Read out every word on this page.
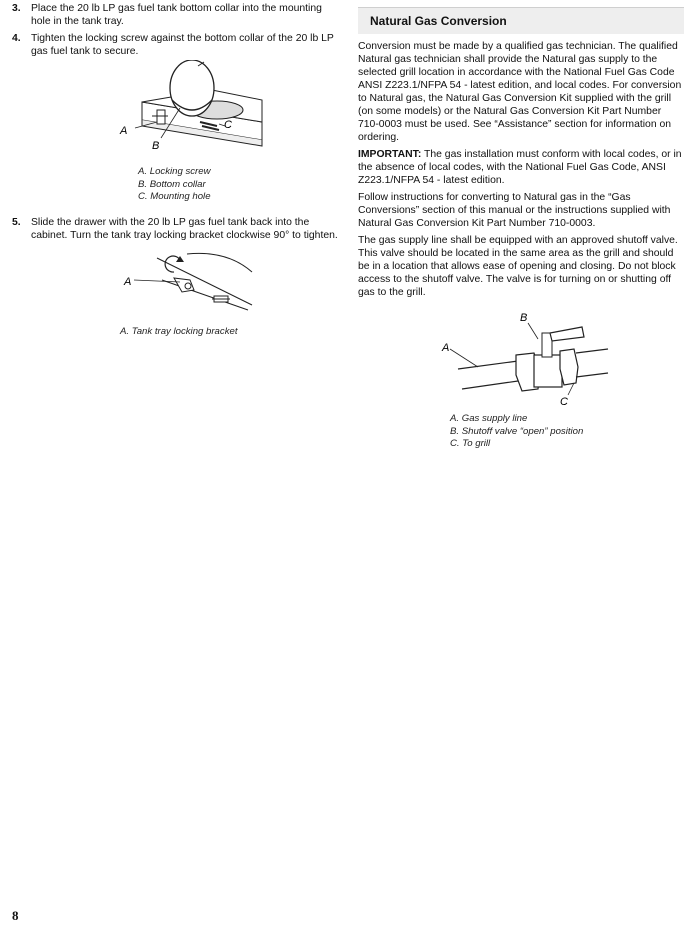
3. Place the 20 lb LP gas fuel tank bottom collar into the mounting hole in the tank tray.
4. Tighten the locking screw against the bottom collar of the 20 lb LP gas fuel tank to secure.
A
B
C
A. Locking screw
B. Bottom collar
C. Mounting hole
5. Slide the drawer with the 20 lb LP gas fuel tank back into the cabinet. Turn the tank tray locking bracket clockwise 90° to tighten.
A
A. Tank tray locking bracket
Natural Gas Conversion
Conversion must be made by a qualified gas technician. The qualified Natural gas technician shall provide the Natural gas supply to the selected grill location in accordance with the National Fuel Gas Code ANSI Z223.1/NFPA 54 - latest edition, and local codes. For conversion to Natural gas, the Natural Gas Conversion Kit supplied with the grill (on some models) or the Natural Gas Conversion Kit Part Number 710-0003 must be used. See “Assistance” section for information on ordering.
IMPORTANT: The gas installation must conform with local codes, or in the absence of local codes, with the National Fuel Gas Code, ANSI Z223.1/NFPA 54 - latest edition.
Follow instructions for converting to Natural gas in the “Gas Conversions” section of this manual or the instructions supplied with Natural Gas Conversion Kit Part Number 710-0003.
The gas supply line shall be equipped with an approved shutoff valve. This valve should be located in the same area as the grill and should be in a location that allows ease of opening and closing. Do not block access to the shutoff valve. The valve is for turning on or shutting off gas to the grill.
A
B
C
A. Gas supply line
B. Shutoff valve “open” position
C. To grill
8
